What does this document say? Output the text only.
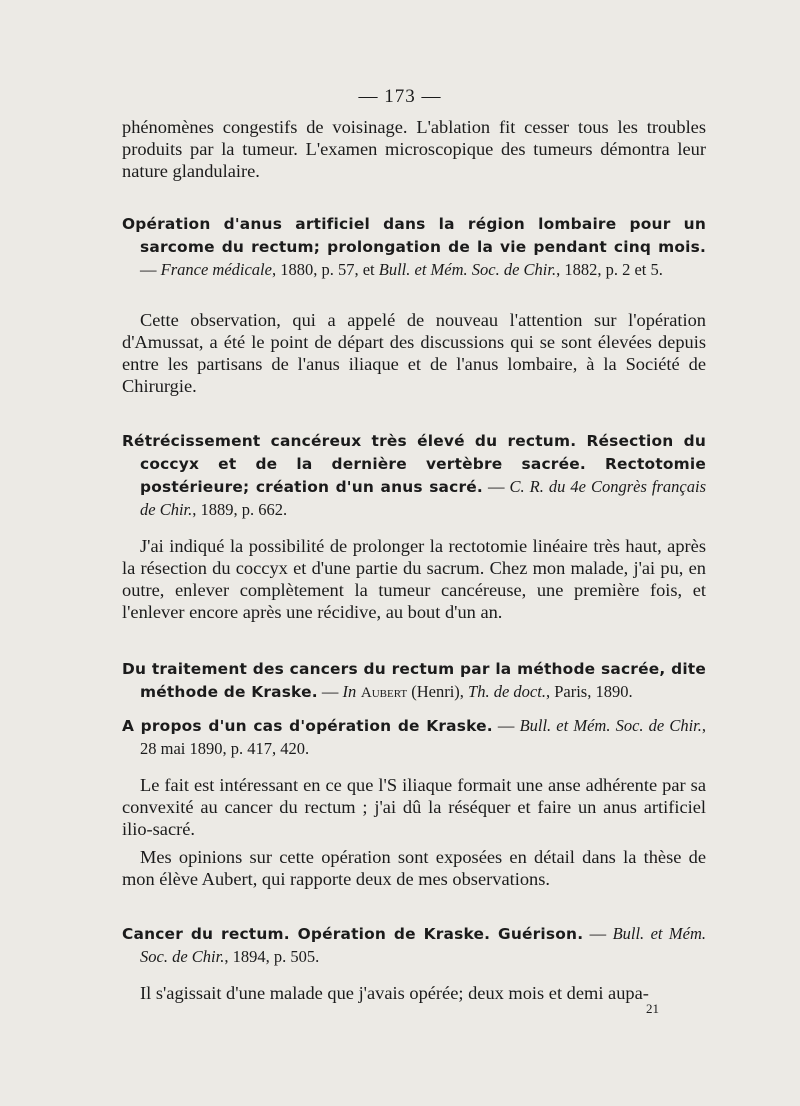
— 173 —

phénomènes congestifs de voisinage. L'ablation fit cesser tous les troubles produits par la tumeur. L'examen microscopique des tumeurs démontra leur nature glandulaire.

Opération d'anus artificiel dans la région lombaire pour un sarcome du rectum; prolongation de la vie pendant cinq mois. — France médicale, 1880, p. 57, et Bull. et Mém. Soc. de Chir., 1882, p. 2 et 5.

Cette observation, qui a appelé de nouveau l'attention sur l'opération d'Amussat, a été le point de départ des discussions qui se sont élevées depuis entre les partisans de l'anus iliaque et de l'anus lombaire, à la Société de Chirurgie.

Rétrécissement cancéreux très élevé du rectum. Résection du coccyx et de la dernière vertèbre sacrée. Rectotomie postérieure; création d'un anus sacré. — C. R. du 4e Congrès français de Chir., 1889, p. 662.

J'ai indiqué la possibilité de prolonger la rectotomie linéaire très haut, après la résection du coccyx et d'une partie du sacrum. Chez mon malade, j'ai pu, en outre, enlever complètement la tumeur cancéreuse, une première fois, et l'enlever encore après une récidive, au bout d'un an.

Du traitement des cancers du rectum par la méthode sacrée, dite méthode de Kraske. — In Aubert (Henri), Th. de doct., Paris, 1890.
A propos d'un cas d'opération de Kraske. — Bull. et Mém. Soc. de Chir., 28 mai 1890, p. 417, 420.

Le fait est intéressant en ce que l'S iliaque formait une anse adhérente par sa convexité au cancer du rectum ; j'ai dû la réséquer et faire un anus artificiel ilio-sacré.

Mes opinions sur cette opération sont exposées en détail dans la thèse de mon élève Aubert, qui rapporte deux de mes observations.

Cancer du rectum. Opération de Kraske. Guérison. — Bull. et Mém. Soc. de Chir., 1894, p. 505.

Il s'agissait d'une malade que j'avais opérée; deux mois et demi aupa-

21
